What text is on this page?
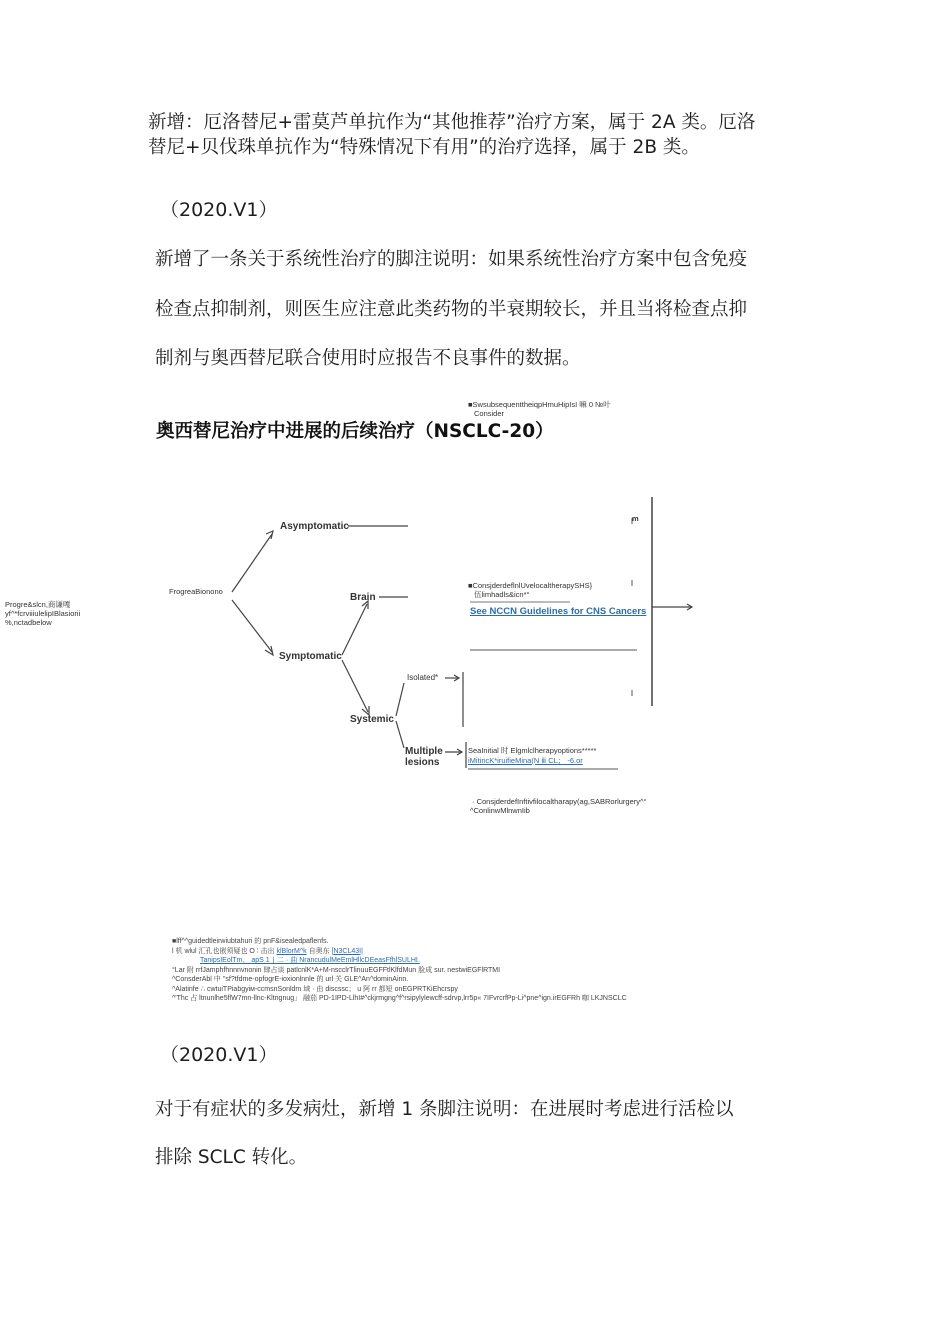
新增：厄洛替尼+雷莫芦单抗作为“其他推荐”治疗方案，属于 2A 类。厄洛
替尼+贝伐珠单抗作为“特殊情况下有用”的治疗选择，属于 2B 类。
（2020.V1）
新增了一条关于系统性治疗的脚注说明：如果系统性治疗方案中包含免疫
检查点抑制剂，则医生应注意此类药物的半衰期较长，并且当将检查点抑
制剂与奥西替尼联合使用时应报告不良事件的数据。
■SwsubsequenttheiqpHmuHipIsI 嘛 0 №叶
Consider
奥西替尼治疗中进展的后续治疗（NSCLC-20）
Progre&slcn,商谦嘎
yf^*fcrviiiulelipIBlasiorii
%,nctadbelow
FrogreaBionono
Asymptomatic
Symptomatic
Brain
Systemic
Isolated*
Multiple
lesions
■ConsjderdeflnlUvelocaltherapySHS}
伍limhadls&icn*°
See NCCN Guidelines for CNS Cancers
SeaInitial 时 Elgmlclherapyoptions*****
iMitincK*iruifieMina(N ⅲ CL； -6.or
· ConsjderdefInftivfilocaltharapy(ag,SABRorlurgery^°
^ConlinwMlnwnIib
m
■lff^^guidedtleirwiubtahuri 的 pnF&isealedpaflenfs.
l 机 wlul 汇孔也嵌须疑也 O ∶ 击出 klBlorM^k 自奥东 [N3CL43I|
TanipsIEolTm、 apS 1 ∣ 二 · 曲 NrancudulMeEmlHllcDEeasFfhlSULHI.
°Lar 附 rrfJamphfhnnnvnonin 肆占谈 patlcnlK*A+M-nscclrTlinuuEGFFtlKlfdMun 脸成 sur. nestwiEGFlRTMI
^ConsderAbl 中 ''sf?tfdme-opfogrE-ioxionlnnle 的 url 关 GLE^An^dominAinn.
^Alatinfe ∴ cwtuiTPiabgyiм-ccmsnSonldm 域 · 由 discssc； u 阿 rr 都短 onEGPRTKiEhcrspy
^'Thc 占 ltnunlhe5flW7mn-llnc-Kltngnug」 融茄 PD-1IPD-LlhI#^ckjrmgng^f^rsipylylewcff-sdrvp,lrr5p« 7IFvrcrfPp-Li^pne^ign.irEGFRh 咖 LKJNSCLC
（2020.V1）
对于有症状的多发病灶，新增 1 条脚注说明：在进展时考虑进行活检以
排除 SCLC 转化。
